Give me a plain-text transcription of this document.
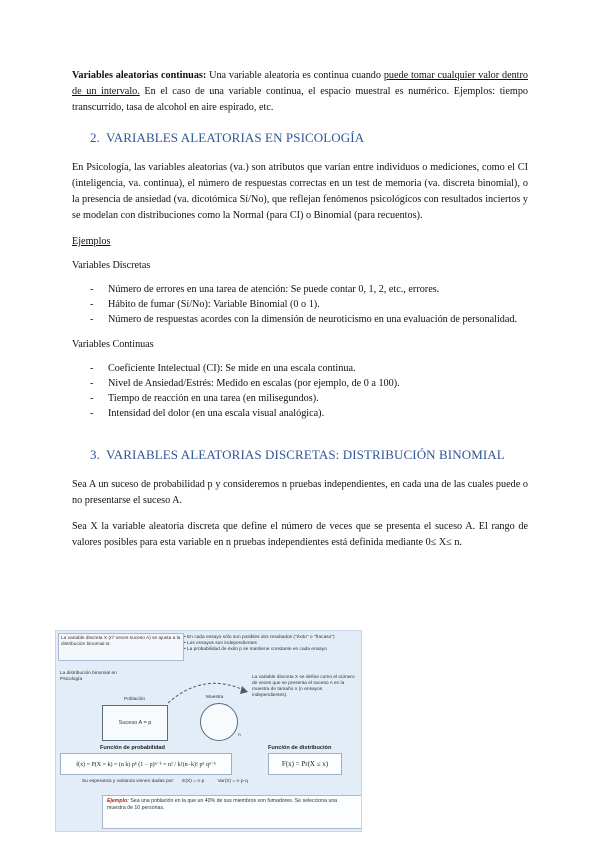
Variables aleatorias continuas: Una variable aleatoria es continua cuando puede tomar cualquier valor dentro de un intervalo. En el caso de una variable continua, el espacio muestral es numérico. Ejemplos: tiempo transcurrido, tasa de alcohol en aire espirado, etc.

2. VARIABLES ALEATORIAS EN PSICOLOGÍA

En Psicología, las variables aleatorias (va.) son atributos que varían entre individuos o mediciones, como el CI (inteligencia, va. continua), el número de respuestas correctas en un test de memoria (va. discreta binomial), o la presencia de ansiedad (va. dicotómica Sí/No), que reflejan fenómenos psicológicos con resultados inciertos y se modelan con distribuciones como la Normal (para CI) o Binomial (para recuentos).

Ejemplos

Variables Discretas

- Número de errores en una tarea de atención: Se puede contar 0, 1, 2, etc., errores.
- Hábito de fumar (Sí/No): Variable Binomial (0 o 1).
- Número de respuestas acordes con la dimensión de neuroticismo en una evaluación de personalidad.

Variables Continuas

- Coeficiente Intelectual (CI): Se mide en una escala continua.
- Nivel de Ansiedad/Estrés: Medido en escalas (por ejemplo, de 0 a 100).
- Tiempo de reacción en una tarea (en milisegundos).
- Intensidad del dolor (en una escala visual analógica).
3. VARIABLES ALEATORIAS DISCRETAS: DISTRIBUCIÓN BINOMIAL

Sea A un suceso de probabilidad p y consideremos n pruebas independientes, en cada una de las cuales puede o no presentarse el suceso A.

Sea X la variable aleatoria discreta que define el número de veces que se presenta el suceso A. El rango de valores posibles para esta variable en n pruebas independientes está definida mediante 0≤ X≤ n.

La variable discreta X (nº veces suceso A) se ajusta a la distribución binomial si:
• En cada ensayo sólo son posibles dos resultados ("éxito" o "fracaso")
• Los ensayos son independientes
• La probabilidad de éxito p se mantiene constante en cada ensayo
La distribución binomial en Psicología
Población	Muestra
Suceso A = p
n
La variable discreta X se define como el número de veces que se presenta el suceso A en la muestra de tamaño n (n ensayos independientes).
Función de probabilidad	Función de distribución
f(x) = P(X = k) = (n k) pᵏ (1 − p)ⁿ⁻ᵏ = n! / k!(n−k)! pᵏ qⁿ⁻ᵏ	F(x) = Pr(X ≤ x)
Su esperanza y varianza vienen dadas por:      E(X) = n·p          Var(X) = n·p·q
Ejemplo: Sea una población en la que un 40% de sus miembros son fumadores. Se selecciona una muestra de 10 personas.
